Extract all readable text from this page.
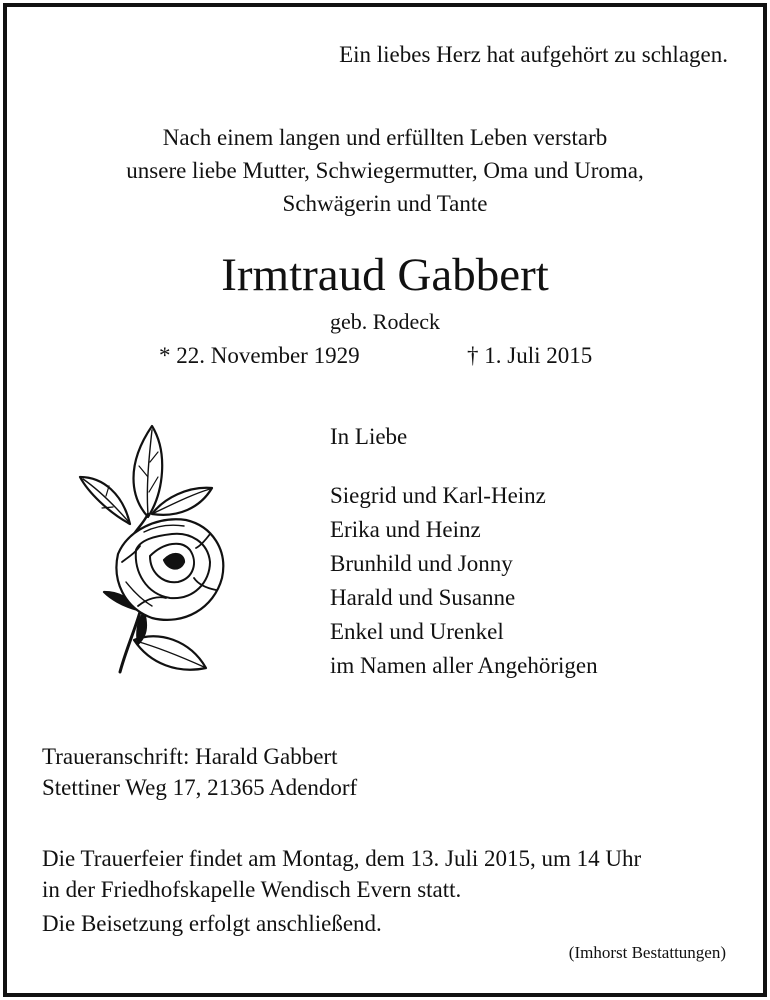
Ein liebes Herz hat aufgehört zu schlagen.
Nach einem langen und erfüllten Leben verstarb
unsere liebe Mutter, Schwiegermutter, Oma und Uroma,
Schwägerin und Tante
Irmtraud Gabbert
geb. Rodeck
* 22. November 1929	† 1. Juli 2015
In Liebe
Siegrid und Karl-Heinz
Erika und Heinz
Brunhild und Jonny
Harald und Susanne
Enkel und Urenkel
im Namen aller Angehörigen
Traueranschrift: Harald Gabbert
Stettiner Weg 17, 21365 Adendorf
Die Trauerfeier findet am Montag, dem 13. Juli 2015, um 14 Uhr
in der Friedhofskapelle Wendisch Evern statt.
Die Beisetzung erfolgt anschließend.
(Imhorst Bestattungen)
